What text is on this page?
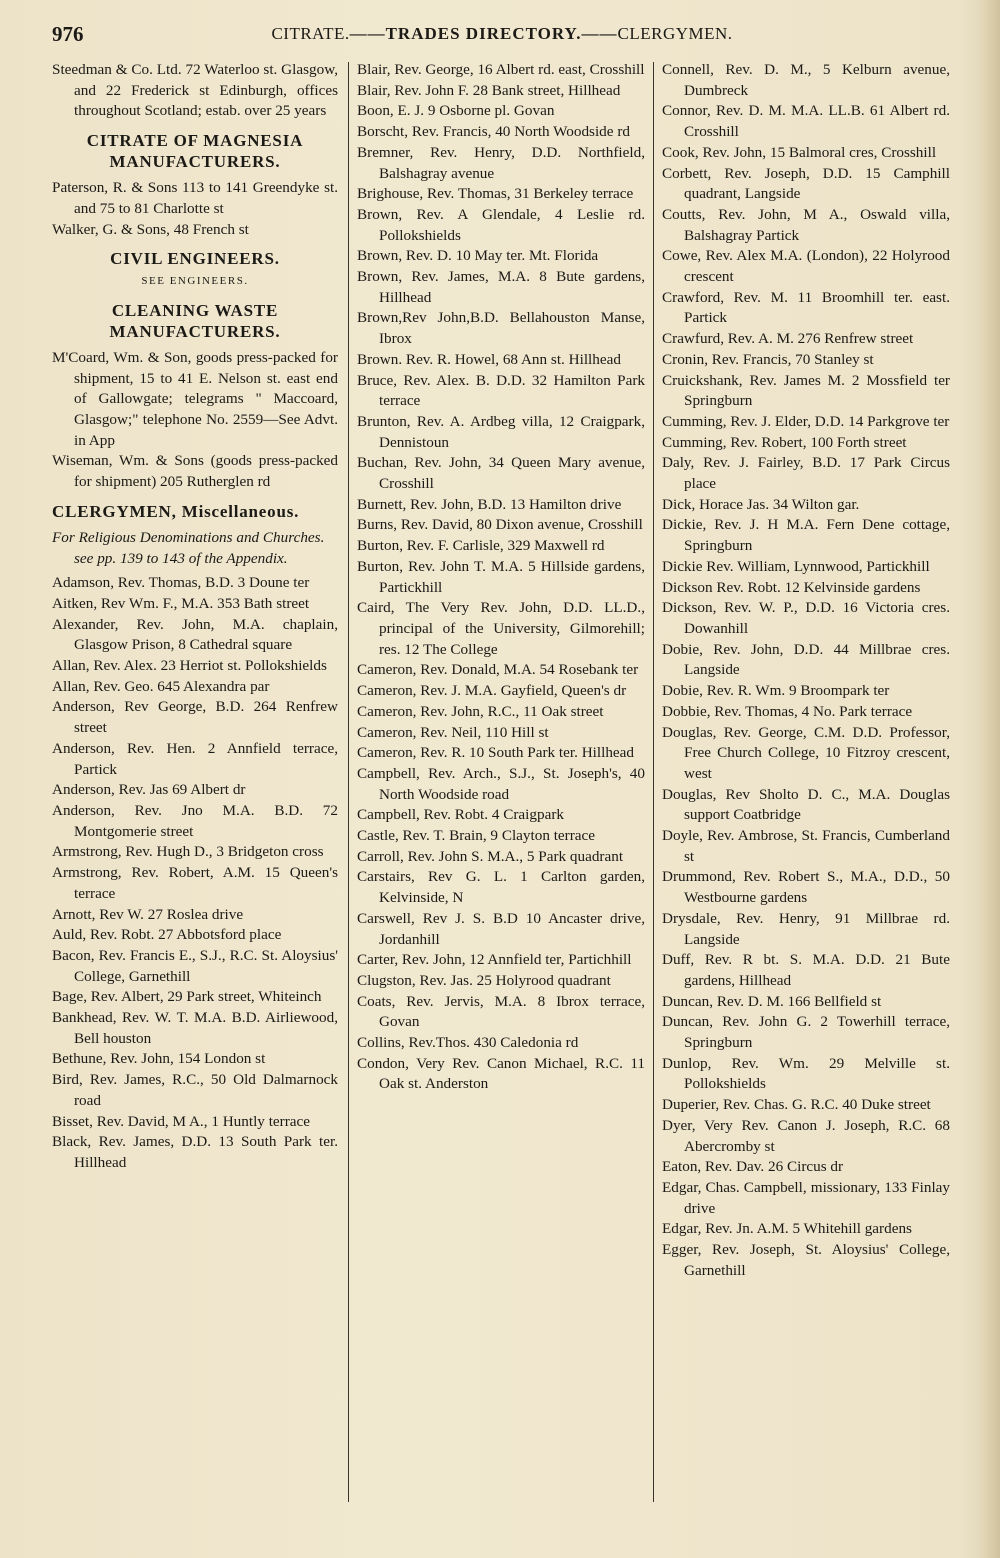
976	CITRATE.——TRADES DIRECTORY.——CLERGYMEN.

Steedman & Co. Ltd. 72 Waterloo st. Glasgow, and 22 Frederick st Edinburgh, offices throughout Scotland; estab. over 25 years

CITRATE OF MAGNESIA MANUFACTURERS.

Paterson, R. & Sons 113 to 141 Greendyke st. and 75 to 81 Charlotte st

Walker, G. & Sons, 48 French st

CIVIL ENGINEERS.
SEE ENGINEERS.
CLEANING WASTE MANUFACTURERS.

M'Coard, Wm. & Son, goods press-packed for shipment, 15 to 41 E. Nelson st. east end of Gallowgate; telegrams " Maccoard, Glasgow;" telephone No. 2559—See Advt. in App

Wiseman, Wm. & Sons (goods press-packed for shipment) 205 Rutherglen rd

CLERGYMEN, Miscellaneous.

For Religious Denominations and Churches. see pp. 139 to 143 of the Appendix.

Adamson, Rev. Thomas, B.D. 3 Doune ter

Aitken, Rev Wm. F., M.A. 353 Bath street

Alexander, Rev. John, M.A. chaplain, Glasgow Prison, 8 Cathedral square

Allan, Rev. Alex. 23 Herriot st. Pollokshields

Allan, Rev. Geo. 645 Alexandra par

Anderson, Rev George, B.D. 264 Renfrew street

Anderson, Rev. Hen. 2 Annfield terrace, Partick

Anderson, Rev. Jas 69 Albert dr

Anderson, Rev. Jno M.A. B.D. 72 Montgomerie street

Armstrong, Rev. Hugh D., 3 Bridgeton cross

Armstrong, Rev. Robert, A.M. 15 Queen's terrace

Arnott, Rev W. 27 Roslea drive

Auld, Rev. Robt. 27 Abbotsford place

Bacon, Rev. Francis E., S.J., R.C. St. Aloysius' College, Garnethill

Bage, Rev. Albert, 29 Park street, Whiteinch

Bankhead, Rev. W. T. M.A. B.D. Airliewood, Bell houston

Bethune, Rev. John, 154 London st

Bird, Rev. James, R.C., 50 Old Dalmarnock road

Bisset, Rev. David, M A., 1 Huntly terrace

Black, Rev. James, D.D. 13 South Park ter. Hillhead

Blair, Rev. George, 16 Albert rd. east, Crosshill

Blair, Rev. John F. 28 Bank street, Hillhead

Boon, E. J. 9 Osborne pl. Govan

Borscht, Rev. Francis, 40 North Woodside rd

Bremner, Rev. Henry, D.D. Northfield, Balshagray avenue

Brighouse, Rev. Thomas, 31 Berkeley terrace

Brown, Rev. A Glendale, 4 Leslie rd. Pollokshields

Brown, Rev. D. 10 May ter. Mt. Florida

Brown, Rev. James, M.A. 8 Bute gardens, Hillhead

Brown,Rev John,B.D. Bellahouston Manse, Ibrox

Brown. Rev. R. Howel, 68 Ann st. Hillhead

Bruce, Rev. Alex. B. D.D. 32 Hamilton Park terrace

Brunton, Rev. A. Ardbeg villa, 12 Craigpark, Dennistoun

Buchan, Rev. John, 34 Queen Mary avenue, Crosshill

Burnett, Rev. John, B.D. 13 Hamilton drive

Burns, Rev. David, 80 Dixon avenue, Crosshill

Burton, Rev. F. Carlisle, 329 Maxwell rd

Burton, Rev. John T. M.A. 5 Hillside gardens, Partickhill

Caird, The Very Rev. John, D.D. LL.D., principal of the University, Gilmorehill; res. 12 The College

Cameron, Rev. Donald, M.A. 54 Rosebank ter

Cameron, Rev. J. M.A. Gayfield, Queen's dr

Cameron, Rev. John, R.C., 11 Oak street

Cameron, Rev. Neil, 110 Hill st

Cameron, Rev. R. 10 South Park ter. Hillhead

Campbell, Rev. Arch., S.J., St. Joseph's, 40 North Woodside road

Campbell, Rev. Robt. 4 Craigpark

Castle, Rev. T. Brain, 9 Clayton terrace

Carroll, Rev. John S. M.A., 5 Park quadrant

Carstairs, Rev G. L. 1 Carlton garden, Kelvinside, N

Carswell, Rev J. S. B.D 10 Ancaster drive, Jordanhill

Carter, Rev. John, 12 Annfield ter, Partichhill

Clugston, Rev. Jas. 25 Holyrood quadrant

Coats, Rev. Jervis, M.A. 8 Ibrox terrace, Govan

Collins, Rev.Thos. 430 Caledonia rd

Condon, Very Rev. Canon Michael, R.C. 11 Oak st. Anderston

Connell, Rev. D. M., 5 Kelburn avenue, Dumbreck

Connor, Rev. D. M. M.A. LL.B. 61 Albert rd. Crosshill

Cook, Rev. John, 15 Balmoral cres, Crosshill

Corbett, Rev. Joseph, D.D. 15 Camphill quadrant, Langside

Coutts, Rev. John, M A., Oswald villa, Balshagray Partick

Cowe, Rev. Alex M.A. (London), 22 Holyrood crescent

Crawford, Rev. M. 11 Broomhill ter. east. Partick

Crawfurd, Rev. A. M. 276 Renfrew street

Cronin, Rev. Francis, 70 Stanley st

Cruickshank, Rev. James M. 2 Mossfield ter Springburn

Cumming, Rev. J. Elder, D.D. 14 Parkgrove ter

Cumming, Rev. Robert, 100 Forth street

Daly, Rev. J. Fairley, B.D. 17 Park Circus place

Dick, Horace Jas. 34 Wilton gar.

Dickie, Rev. J. H M.A. Fern Dene cottage, Springburn

Dickie Rev. William, Lynnwood, Partickhill

Dickson Rev. Robt. 12 Kelvinside gardens

Dickson, Rev. W. P., D.D. 16 Victoria cres. Dowanhill

Dobie, Rev. John, D.D. 44 Millbrae cres. Langside

Dobie, Rev. R. Wm. 9 Broompark ter

Dobbie, Rev. Thomas, 4 No. Park terrace

Douglas, Rev. George, C.M. D.D. Professor, Free Church College, 10 Fitzroy crescent, west

Douglas, Rev Sholto D. C., M.A. Douglas support Coatbridge

Doyle, Rev. Ambrose, St. Francis, Cumberland st

Drummond, Rev. Robert S., M.A., D.D., 50 Westbourne gardens

Drysdale, Rev. Henry, 91 Millbrae rd. Langside

Duff, Rev. R bt. S. M.A. D.D. 21 Bute gardens, Hillhead

Duncan, Rev. D. M. 166 Bellfield st

Duncan, Rev. John G. 2 Towerhill terrace, Springburn

Dunlop, Rev. Wm. 29 Melville st. Pollokshields

Duperier, Rev. Chas. G. R.C. 40 Duke street

Dyer, Very Rev. Canon J. Joseph, R.C. 68 Abercromby st

Eaton, Rev. Dav. 26 Circus dr

Edgar, Chas. Campbell, missionary, 133 Finlay drive

Edgar, Rev. Jn. A.M. 5 Whitehill gardens

Egger, Rev. Joseph, St. Aloysius' College, Garnethill
